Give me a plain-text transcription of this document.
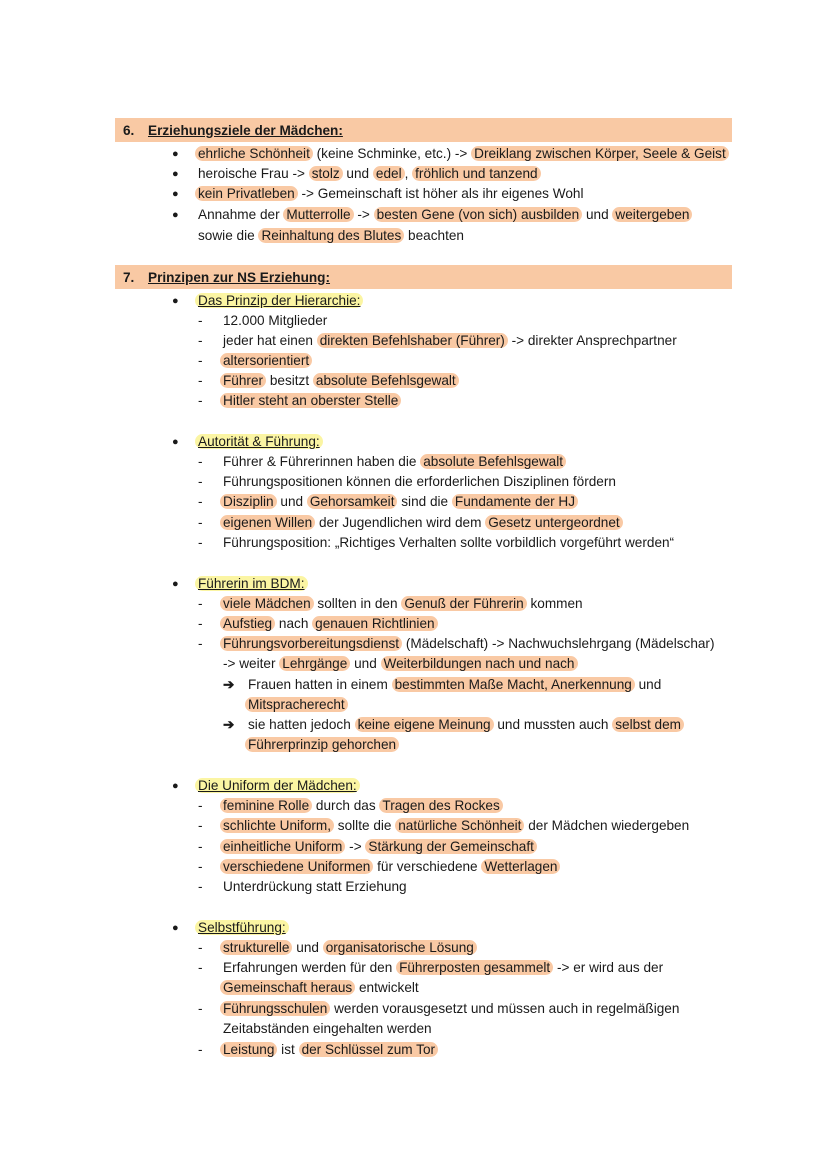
6. Erziehungsziele der Mädchen:
● ehrliche Schönheit (keine Schminke, etc.) -> Dreiklang zwischen Körper, Seele & Geist
● heroische Frau -> stolz und edel , fröhlich und tanzend
● kein Privatleben -> Gemeinschaft ist höher als ihr eigenes Wohl
● Annahme der Mutterrolle -> besten Gene (von sich) ausbilden und weitergeben
sowie die Reinhaltung des Blutes beachten
7. Prinzipen zur NS Erziehung:
● Das Prinzip der Hierarchie:
- 12.000 Mitglieder
- jeder hat einen direkten Befehlshaber (Führer) -> direkter Ansprechpartner
- altersorientiert
- Führer besitzt absolute Befehlsgewalt
- Hitler steht an oberster Stelle
● Autorität & Führung:
- Führer & Führerinnen haben die absolute Befehlsgewalt
- Führungspositionen können die erforderlichen Disziplinen fördern
- Disziplin und Gehorsamkeit sind die Fundamente der HJ
- eigenen Willen der Jugendlichen wird dem Gesetz untergeordnet
- Führungsposition: „Richtiges Verhalten sollte vorbildlich vorgeführt werden“
● Führerin im BDM:
- viele Mädchen sollten in den Genuß der Führerin kommen
- Aufstieg nach genauen Richtlinien
- Führungsvorbereitungsdienst (Mädelschaft) -> Nachwuchslehrgang (Mädelschar)
-> weiter Lehrgänge und Weiterbildungen nach und nach
➔ Frauen hatten in einem bestimmten Maße Macht, Anerkennung und
Mitspracherecht
➔ sie hatten jedoch keine eigene Meinung und mussten auch selbst dem
Führerprinzip gehorchen
● Die Uniform der Mädchen:
- feminine Rolle durch das Tragen des Rockes
- schlichte Uniform, sollte die natürliche Schönheit der Mädchen wiedergeben
- einheitliche Uniform -> Stärkung der Gemeinschaft
- verschiedene Uniformen für verschiedene Wetterlagen
- Unterdrückung statt Erziehung
● Selbstführung:
- strukturelle und organisatorische Lösung
- Erfahrungen werden für den Führerposten gesammelt -> er wird aus der
Gemeinschaft heraus entwickelt
- Führungsschulen werden vorausgesetzt und müssen auch in regelmäßigen
Zeitabständen eingehalten werden
- Leistung ist der Schlüssel zum Tor
